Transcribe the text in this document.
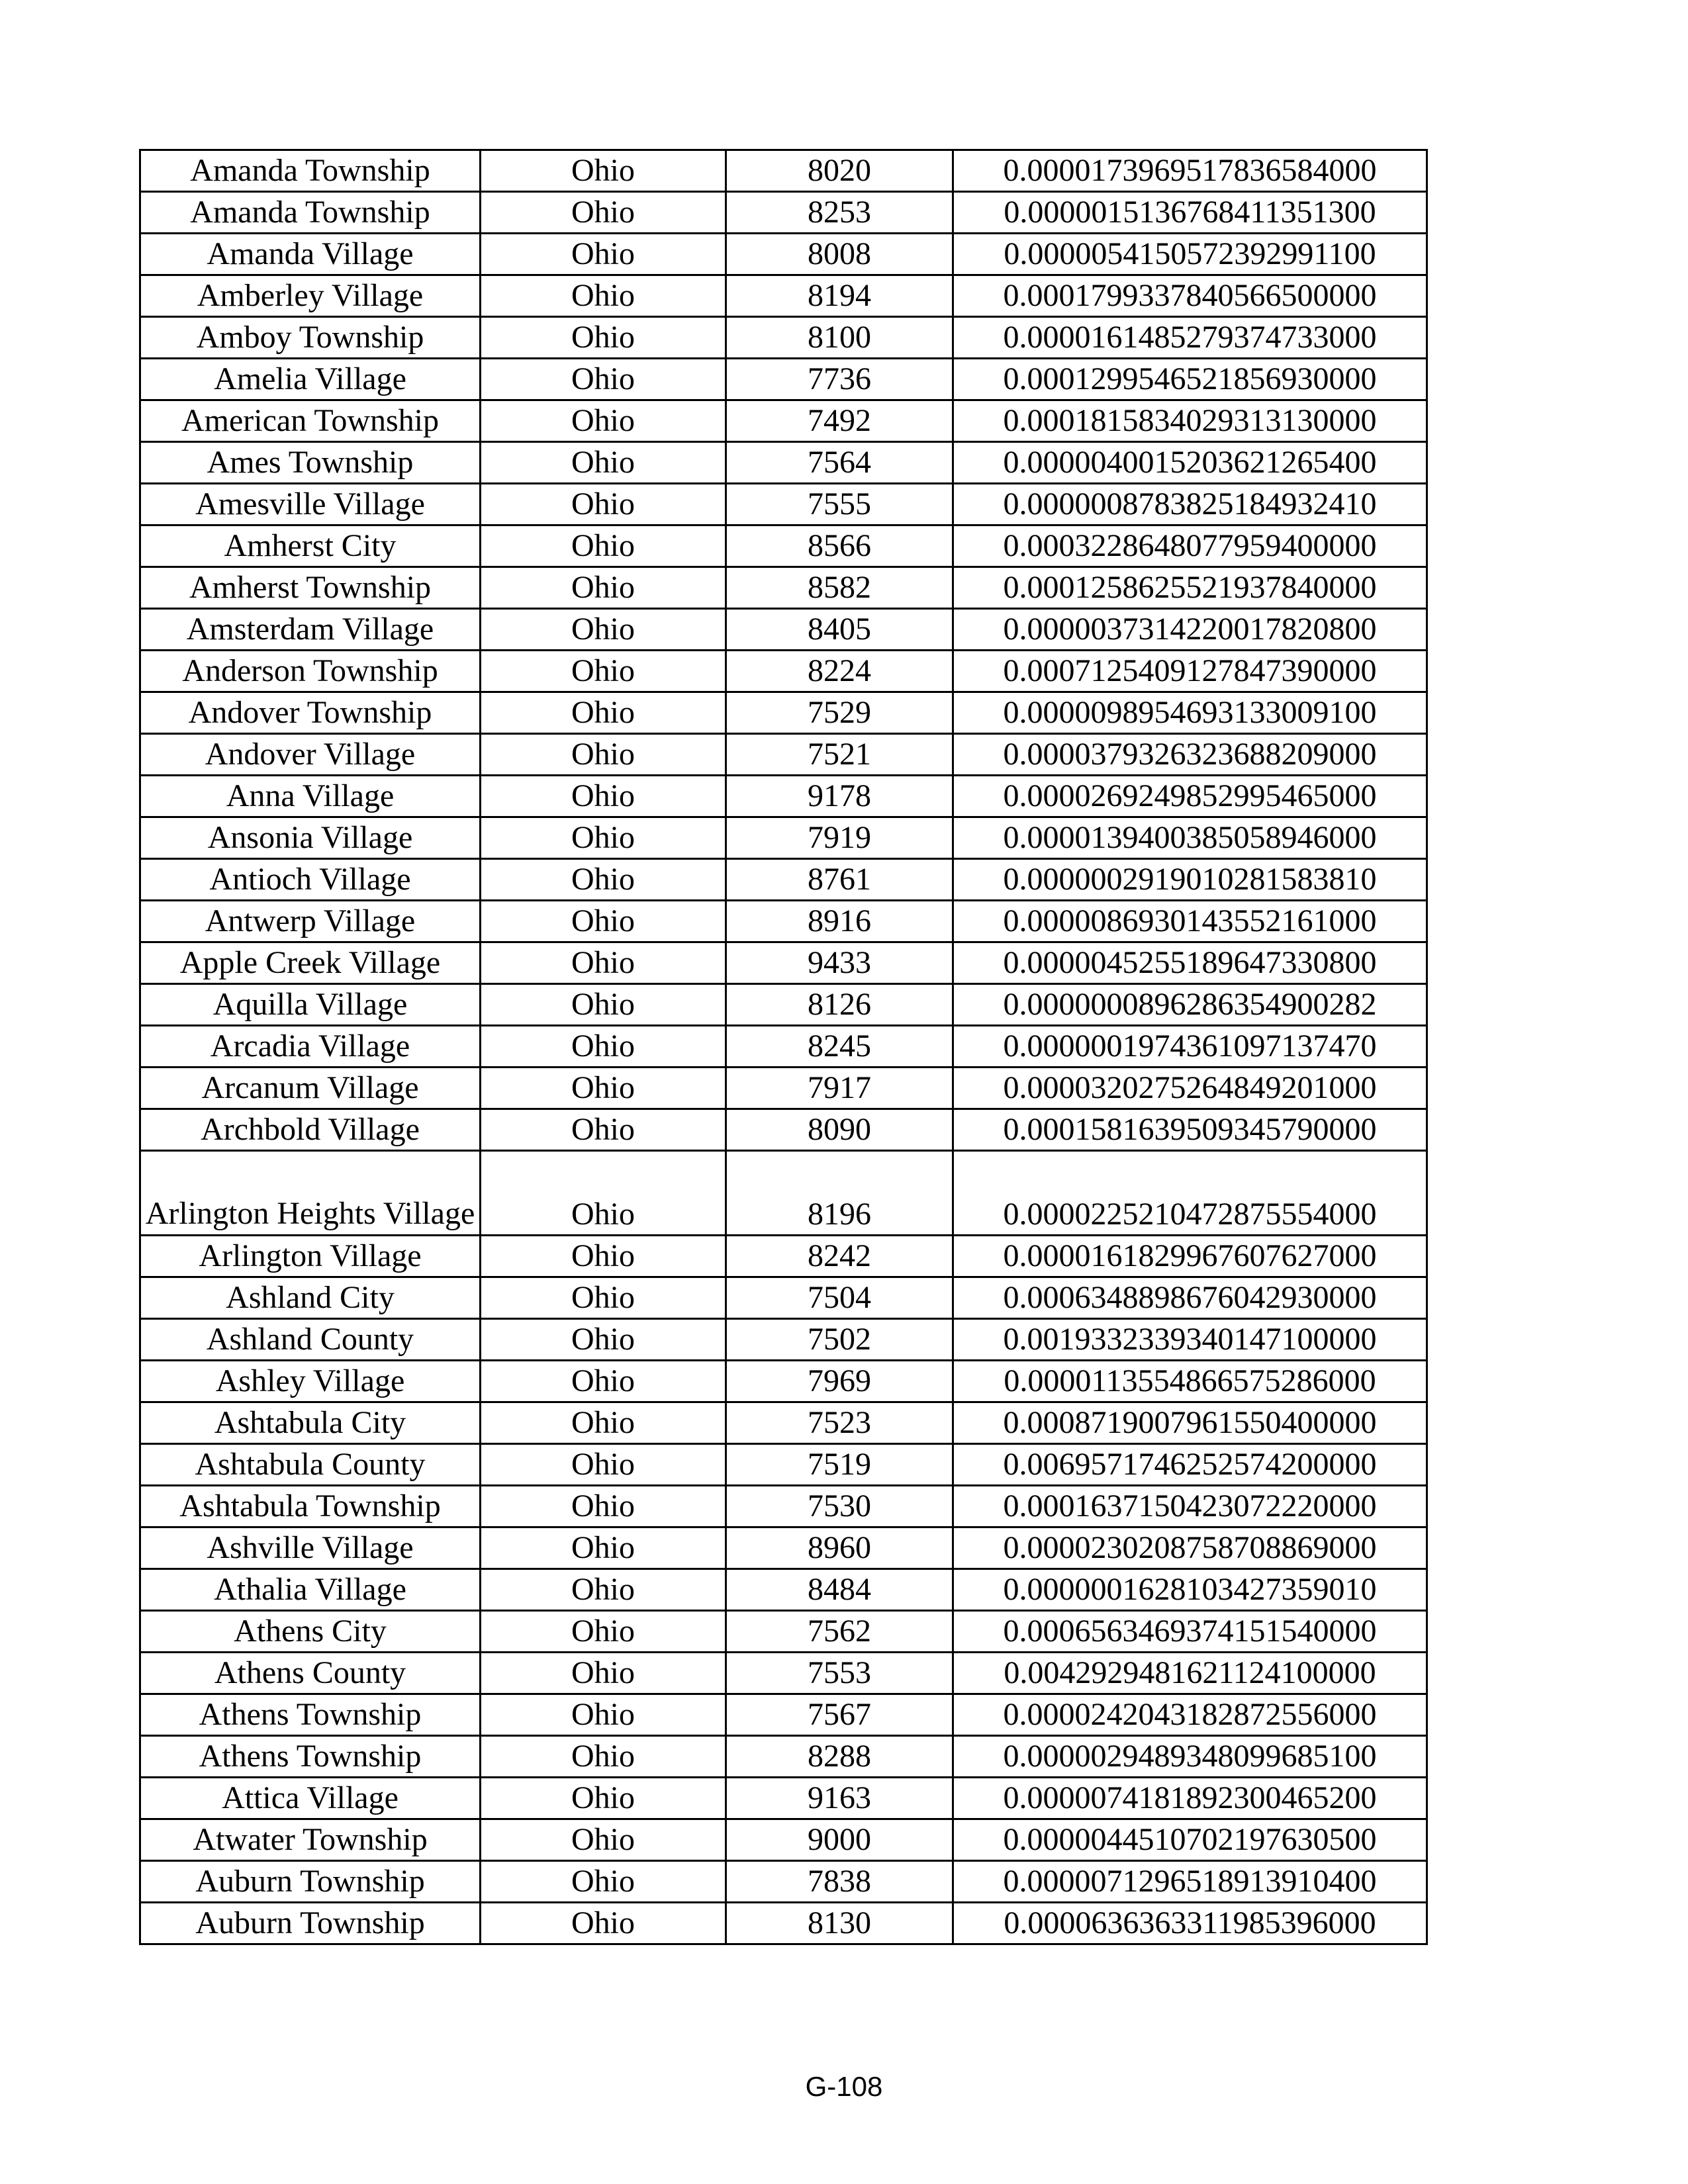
Amanda Township	Ohio	8020	0.0000173969517836584000
Amanda Township	Ohio	8253	0.0000015136768411351300
Amanda Village	Ohio	8008	0.0000054150572392991100
Amberley Village	Ohio	8194	0.0001799337840566500000
Amboy Township	Ohio	8100	0.0000161485279374733000
Amelia Village	Ohio	7736	0.0001299546521856930000
American Township	Ohio	7492	0.0001815834029313130000
Ames Township	Ohio	7564	0.0000040015203621265400
Amesville Village	Ohio	7555	0.0000008783825184932410
Amherst City	Ohio	8566	0.0003228648077959400000
Amherst Township	Ohio	8582	0.0001258625521937840000
Amsterdam Village	Ohio	8405	0.0000037314220017820800
Anderson Township	Ohio	8224	0.0007125409127847390000
Andover Township	Ohio	7529	0.0000098954693133009100
Andover Village	Ohio	7521	0.0000379326323688209000
Anna Village	Ohio	9178	0.0000269249852995465000
Ansonia Village	Ohio	7919	0.0000139400385058946000
Antioch Village	Ohio	8761	0.0000002919010281583810
Antwerp Village	Ohio	8916	0.0000086930143552161000
Apple Creek Village	Ohio	9433	0.0000045255189647330800
Aquilla Village	Ohio	8126	0.0000000896286354900282
Arcadia Village	Ohio	8245	0.0000001974361097137470
Arcanum Village	Ohio	7917	0.0000320275264849201000
Archbold Village	Ohio	8090	0.0001581639509345790000
Arlington Heights Village	Ohio	8196	0.0000225210472875554000
Arlington Village	Ohio	8242	0.0000161829967607627000
Ashland City	Ohio	7504	0.0006348898676042930000
Ashland County	Ohio	7502	0.0019332339340147100000
Ashley Village	Ohio	7969	0.0000113554866575286000
Ashtabula City	Ohio	7523	0.0008719007961550400000
Ashtabula County	Ohio	7519	0.0069571746252574200000
Ashtabula Township	Ohio	7530	0.0001637150423072220000
Ashville Village	Ohio	8960	0.0000230208758708869000
Athalia Village	Ohio	8484	0.0000001628103427359010
Athens City	Ohio	7562	0.0006563469374151540000
Athens County	Ohio	7553	0.0042929481621124100000
Athens Township	Ohio	7567	0.0000242043182872556000
Athens Township	Ohio	8288	0.0000029489348099685100
Attica Village	Ohio	9163	0.0000074181892300465200
Atwater Township	Ohio	9000	0.0000044510702197630500
Auburn Township	Ohio	7838	0.0000071296518913910400
Auburn Township	Ohio	8130	0.0000636363311985396000
G-108
